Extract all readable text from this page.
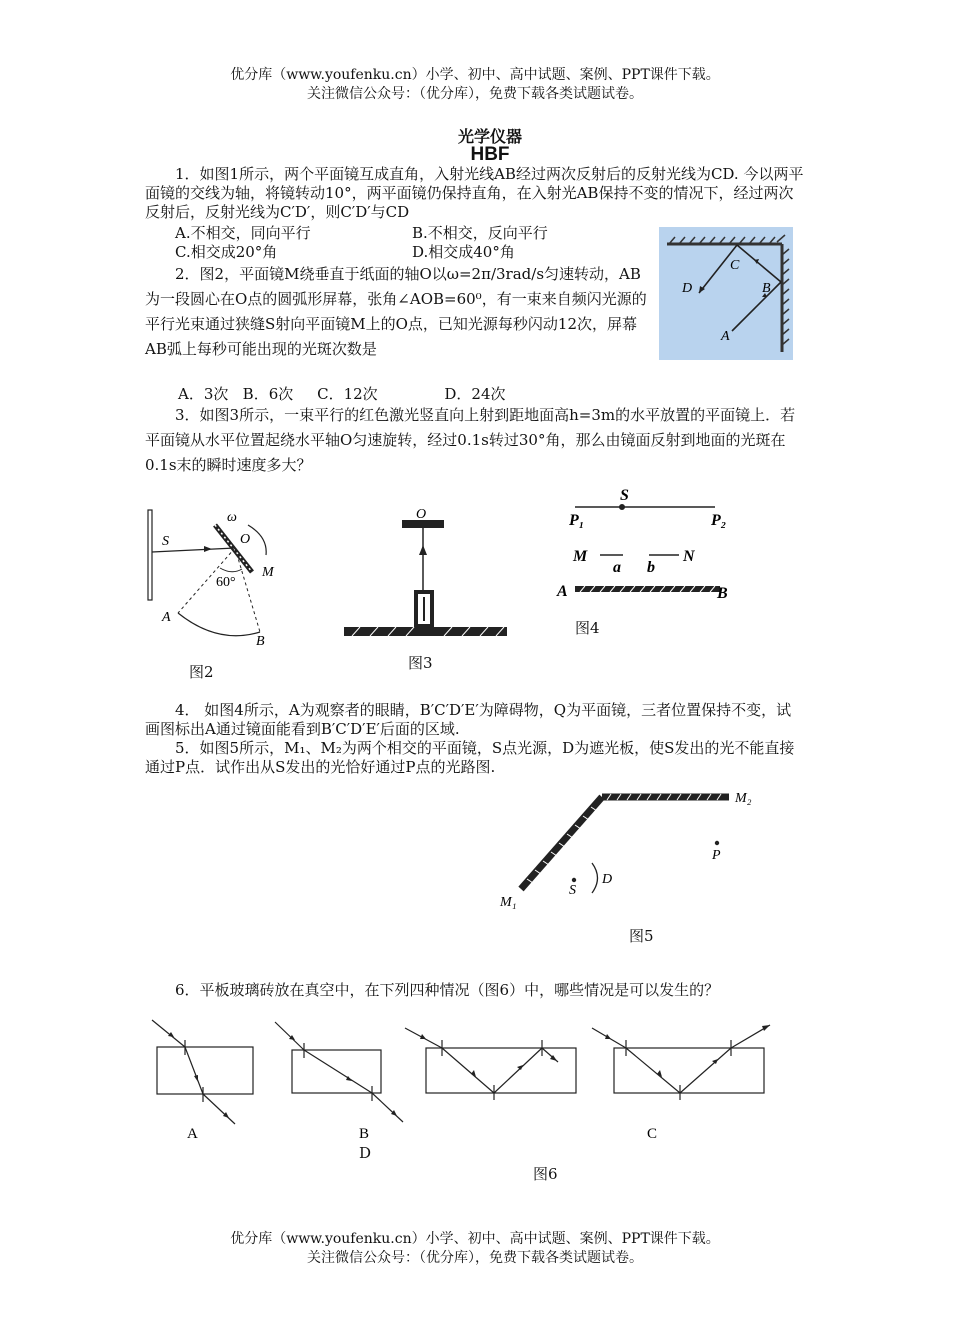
优分库（www.youfenku.cn）小学、初中、高中试题、案例、PPT课件下载。
关注微信公众号：（优分库），免费下载各类试题试卷。
光学仪器
HBF
1．如图1所示，两个平面镜互成直角，入射光线AB经过两次反射后的反射光线为CD. 今以两平面镜的交线为轴，将镜转动10°，两平面镜仍保持直角，在入射光AB保持不变的情况下，经过两次反射后，反射光线为C′D′，则C′D′与CD
A.不相交，同向平行	B.不相交，反向平行
C.相交成20°角	D.相交成40°角
C
D	B
A
2．图2，平面镜M绕垂直于纸面的轴O以ω=2π/3rad/s匀速转动，AB为一段圆心在O点的圆弧形屏幕，张角∠AOB=60⁰，有一束来自频闪光源的平行光束通过狭缝S射向平面镜M上的O点，已知光源每秒闪动12次，屏幕AB弧上每秒可能出现的光斑次数是
A．3次   B．6次     C．12次              D．24次
3．如图3所示，一束平行的红色激光竖直向上射到距地面高h=3m的水平放置的平面镜上．若平面镜从水平位置起绕水平轴O匀速旋转，经过0.1s转过30°角，那么由镜面反射到地面的光斑在0.1s末的瞬时速度多大？
ω
S	O
M
60°
A
B
图2
O
图3
S
P₁	P₂
M
a b
N
A	B
图4
4． 如图4所示，A为观察者的眼睛，B′C′D′E′为障碍物，Q为平面镜，三者位置保持不变，试画图标出A通过镜面能看到B′C′D′E′后面的区域.
5．如图5所示，M₁、M₂为两个相交的平面镜，S点光源，D为遮光板，使S发出的光不能直接通过P点．试作出从S发出的光恰好通过P点的光路图.
M₂
P
D
S
M₁
图5
6．平板玻璃砖放在真空中，在下列四种情况（图6）中，哪些情况是可以发生的？
A	B	C
D
图6
优分库（www.youfenku.cn）小学、初中、高中试题、案例、PPT课件下载。
关注微信公众号：（优分库），免费下载各类试题试卷。
